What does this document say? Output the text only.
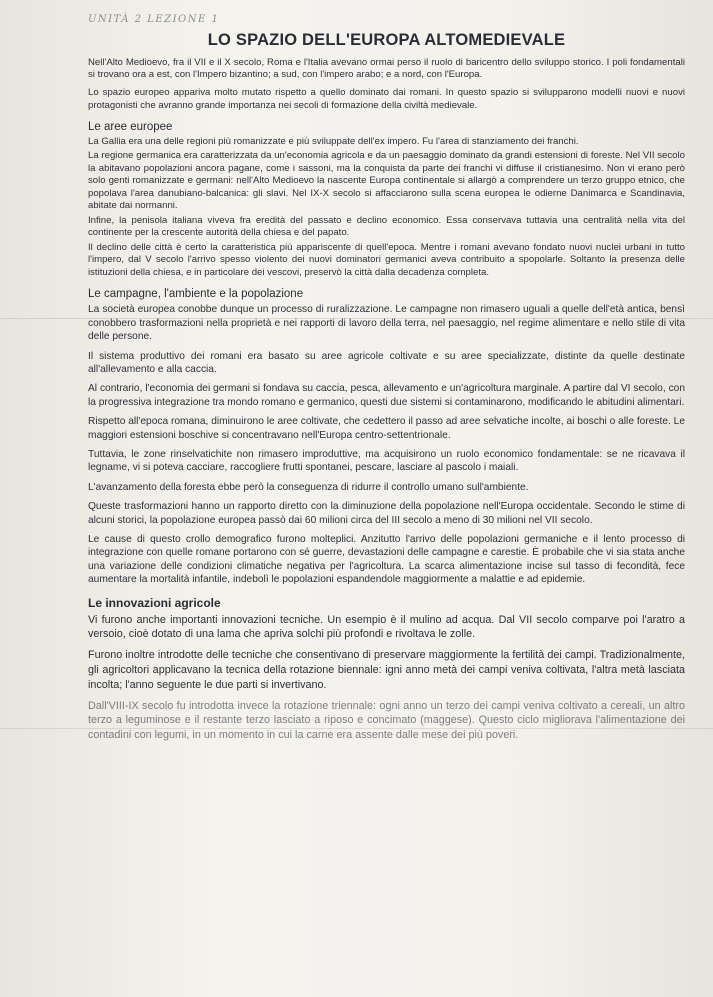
UNITÀ 2 LEZIONE 1
LO SPAZIO DELL'EUROPA ALTOMEDIEVALE

Nell'Alto Medioevo, fra il VII e il X secolo, Roma e l'Italia avevano ormai perso il ruolo di baricentro dello sviluppo storico. I poli fondamentali si trovano ora a est, con l'Impero bizantino; a sud, con l'impero arabo; e a nord, con l'Europa.

Lo spazio europeo appariva molto mutato rispetto a quello dominato dai romani. In questo spazio si svilupparono modelli nuovi e nuovi protagonisti che avranno grande importanza nei secoli di formazione della civiltà medievale.

Le aree europee

La Gallia era una delle regioni più romanizzate e più sviluppate dell'ex impero. Fu l'area di stanziamento dei franchi.

La regione germanica era caratterizzata da un'economia agricola e da un paesaggio dominato da grandi estensioni di foreste. Nel VII secolo la abitavano popolazioni ancora pagane, come i sassoni, ma la conquista da parte dei franchi vi diffuse il cristianesimo. Non vi erano però solo genti romanizzate e germani: nell'Alto Medioevo la nascente Europa continentale si allargò a comprendere un terzo gruppo etnico, che popolava l'area danubiano-balcanica: gli slavi. Nel IX-X secolo si affacciarono sulla scena europea le odierne Danimarca e Scandinavia, abitate dai normanni.

Infine, la penisola italiana viveva fra eredità del passato e declino economico. Essa conservava tuttavia una centralità nella vita del continente per la crescente autorità della chiesa e del papato.

Il declino delle città è certo la caratteristica più appariscente di quell'epoca. Mentre i romani avevano fondato nuovi nuclei urbani in tutto l'impero, dal V secolo l'arrivo spesso violento dei nuovi dominatori germanici aveva contribuito a spopolarle. Soltanto la presenza delle istituzioni della chiesa, e in particolare dei vescovi, preservò la città dalla decadenza completa.

Le campagne, l'ambiente e la popolazione

La società europea conobbe dunque un processo di ruralizzazione. Le campagne non rimasero uguali a quelle dell'età antica, bensì conobbero trasformazioni nella proprietà e nei rapporti di lavoro della terra, nel paesaggio, nel regime alimentare e nello stile di vita delle persone.

Il sistema produttivo dei romani era basato su aree agricole coltivate e su aree specializzate, distinte da quelle destinate all'allevamento e alla caccia.

Al contrario, l'economia dei germani si fondava su caccia, pesca, allevamento e un'agricoltura marginale. A partire dal VI secolo, con la progressiva integrazione tra mondo romano e germanico, questi due sistemi si contaminarono, modificando le abitudini alimentari.

Rispetto all'epoca romana, diminuirono le aree coltivate, che cedettero il passo ad aree selvatiche incolte, ai boschi o alle foreste. Le maggiori estensioni boschive si concentravano nell'Europa centro-settentrionale.

Tuttavia, le zone rinselvatichite non rimasero improduttive, ma acquisirono un ruolo economico fondamentale: se ne ricavava il legname, vi si poteva cacciare, raccogliere frutti spontanei, pescare, lasciare al pascolo i maiali.

L'avanzamento della foresta ebbe però la conseguenza di ridurre il controllo umano sull'ambiente.

Queste trasformazioni hanno un rapporto diretto con la diminuzione della popolazione nell'Europa occidentale. Secondo le stime di alcuni storici, la popolazione europea passò dai 60 milioni circa del III secolo a meno di 30 milioni nel VII secolo.

Le cause di questo crollo demografico furono molteplici. Anzitutto l'arrivo delle popolazioni germaniche e il lento processo di integrazione con quelle romane portarono con sé guerre, devastazioni delle campagne e carestie. È probabile che vi sia stata anche una variazione delle condizioni climatiche negativa per l'agricoltura. La scarca alimentazione incise sul tasso di fecondità, fece aumentare la mortalità infantile, indebolì le popolazioni espandendole maggiormente a malattie e ad epidemie.

Le innovazioni agricole

Vi furono anche importanti innovazioni tecniche. Un esempio è il mulino ad acqua. Dal VII secolo comparve poi l'aratro a versoio, cioè dotato di una lama che apriva solchi più profondi e rivoltava le zolle.

Furono inoltre introdotte delle tecniche che consentivano di preservare maggiormente la fertilità dei campi. Tradizionalmente, gli agricoltori applicavano la tecnica della rotazione biennale: igni anno metà dei campi veniva coltivata, l'altra metà lasciata incolta; l'anno seguente le due parti si invertivano.

Dall'VIII-IX secolo fu introdotta invece la rotazione triennale: ogni anno un terzo dei campi veniva coltivato a cereali, un altro terzo a leguminose e il restante terzo lasciato a riposo e concimato (maggese). Questo ciclo migliorava l'alimentazione dei contadini con legumi, in un momento in cui la carne era assente dalle mese dei più poveri.
